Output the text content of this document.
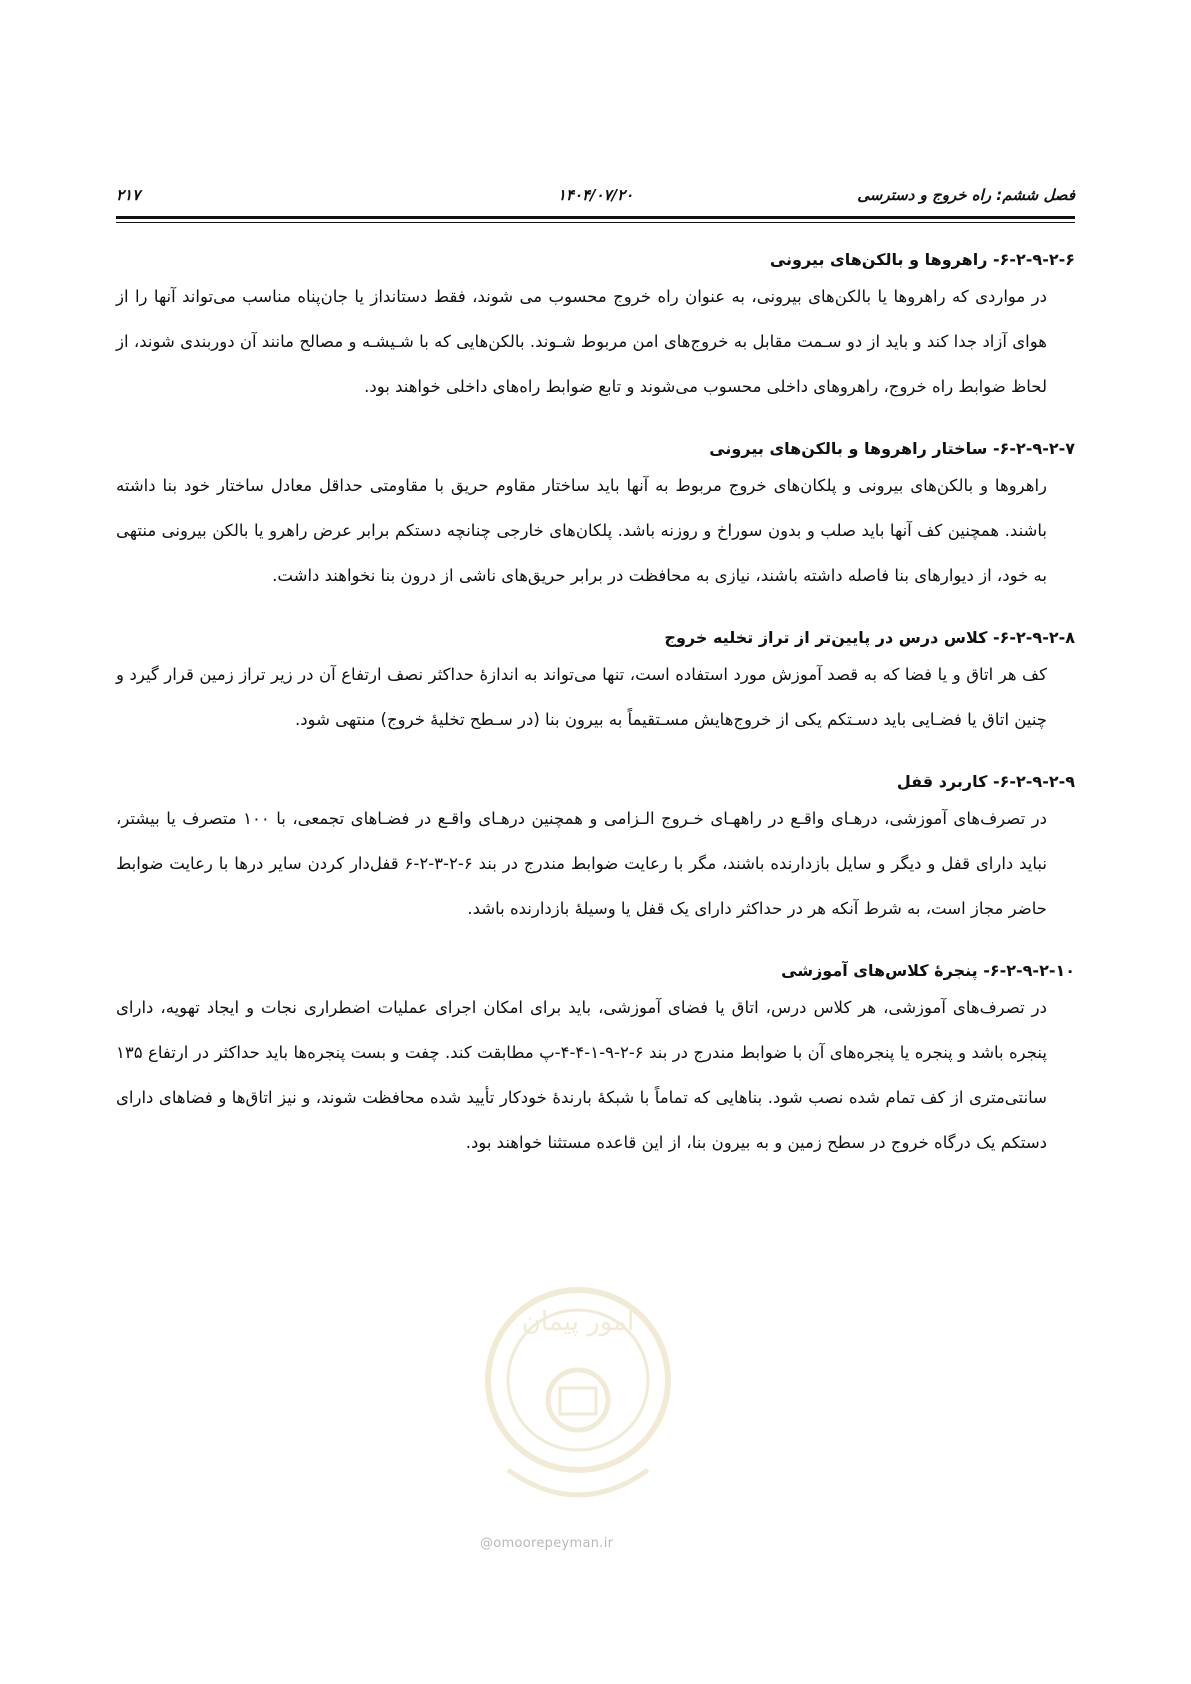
فصل ششم: راه خروج و دسترسی
۱۴۰۴/۰۷/۲۰
۲۱۷
۶-۲-۹-۲-۶- راهروها و بالکن‌های بیرونی

در مواردی که راهروها یا بالکن‌های بیرونی، به عنوان راه خروج محسوب می شوند، فقط دستانداز یا جان‌پناه مناسب می‌تواند آنها را از هوای آزاد جدا کند و باید از دو سـمت مقابل به خروج‌های امن مربوط شـوند. بالکن‌هایی که با شـیشـه و مصالح مانند آن دوربندی شوند، از لحاظ ضوابط راه خروج، راهروهای داخلی محسوب می‌شوند و تابع ضوابط راه‌های داخلی خواهند بود.

۶-۲-۹-۲-۷- ساختار راهروها و بالکن‌های بیرونی

راهروها و بالکن‌های بیرونی و پلکان‌های خروج مربوط به آنها باید ساختار مقاوم حریق با مقاومتی حداقل معادل ساختار خود بنا داشته باشند. همچنین کف آنها باید صلب و بدون سوراخ و روزنه باشد. پلکان‌های خارجی چنانچه دستکم برابر عرض راهرو یا بالکن بیرونی منتهی به خود، از دیوارهای بنا فاصله داشته باشند، نیازی به محافظت در برابر حریق‌های ناشی از درون بنا نخواهند داشت.

۶-۲-۹-۲-۸- کلاس درس در پایین‌تر از تراز تخلیه خروج

کف هر اتاق و یا فضا که به قصد آموزش مورد استفاده است، تنها می‌تواند به اندازۀ حداکثر نصف ارتفاع آن در زیر تراز زمین قرار گیرد و چنین اتاق یا فضـایی باید دسـتکم یکی از خروج‌هایش مسـتقیماً به بیرون بنا (در سـطح تخلیۀ خروج) منتهی شود.

۶-۲-۹-۲-۹- کاربرد قفل

در تصرف‌های آموزشی، درهـای واقـع در راههـای خـروج الـزامی و همچنین درهـای واقـع در فضـاهای تجمعی، با ۱۰۰ متصرف یا بیشتر، نباید دارای قفل و دیگر و سایل بازدارنده باشند، مگر با رعایت ضوابط مندرج در بند ۶-۲-۳-۲-۶ قفل‌دار کردن سایر درها با رعایت ضوابط حاضر مجاز است، به شرط آنکه هر در حداکثر دارای یک قفل یا وسیلۀ بازدارنده باشد.

۶-۲-۹-۲-۱۰- پنجرۀ کلاس‌های آموزشی

در تصرف‌های آموزشی، هر کلاس درس، اتاق یا فضای آموزشی، باید برای امکان اجرای عملیات اضطراری نجات و ایجاد تهویه، دارای پنجره باشد و پنجره یا پنجره‌های آن با ضوابط مندرج در بند ۶-۲-۹-۱-۴-۴-پ مطابقت کند. چفت و بست پنجره‌ها باید حداکثر در ارتفاع ۱۳۵ سانتی‌متری از کف تمام شده نصب شود. بناهایی که تماماً با شبکۀ بارندۀ خودکار تأیید شده محافظت شوند، و نیز اتاق‌ها و فضاهای دارای دستکم یک درگاه خروج در سطح زمین و به بیرون بنا، از این قاعده مستثنا خواهند بود.

امور پیمان
@omoorepeyman.ir
